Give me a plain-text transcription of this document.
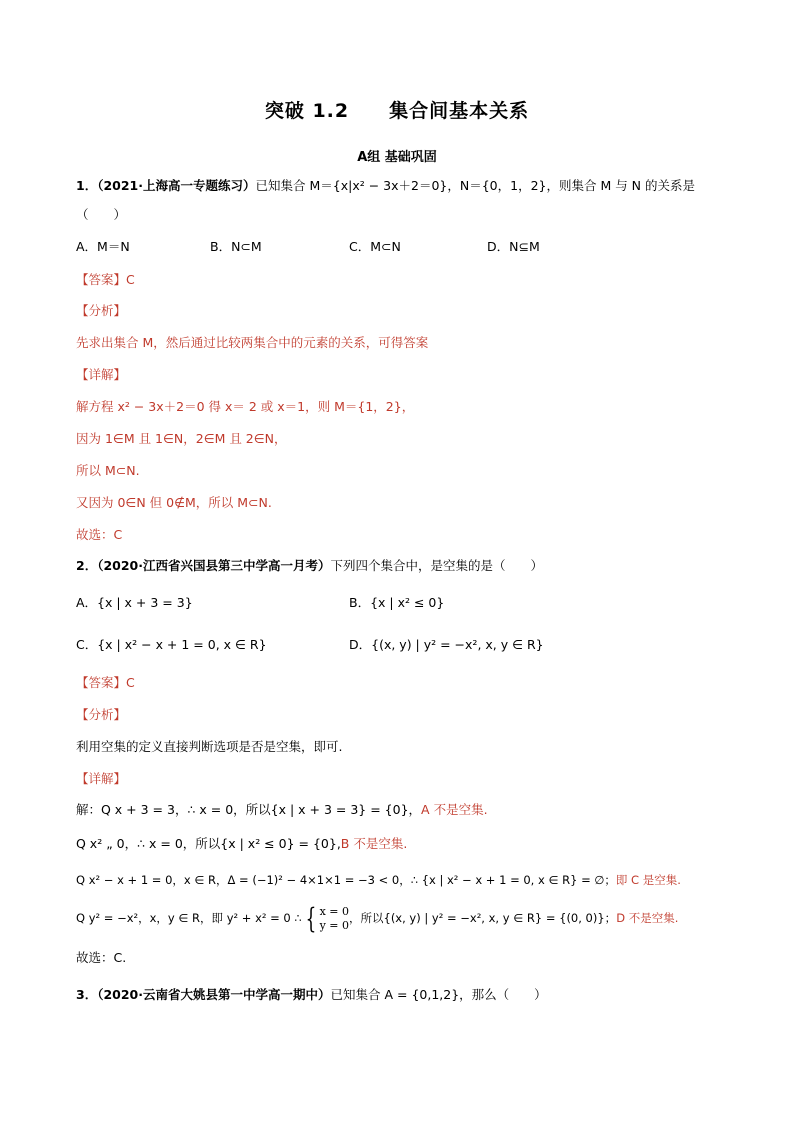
突破 1.2 集合间基本关系
A组 基础巩固
1．（2021·上海高一专题练习）已知集合 M＝{x|x² − 3x＋2＝0}，N＝{0，1，2}，则集合 M 与 N 的关系是
（　　）
A．M＝N	B．N⊂M	C．M⊂N	D．N⊆M
【答案】C
【分析】
先求出集合 M，然后通过比较两集合中的元素的关系，可得答案
【详解】
解方程 x² − 3x＋2＝0 得 x＝ 2 或 x＝1，则 M＝{1，2}，
因为 1∈M 且 1∈N，2∈M 且 2∈N，
所以 M⊂N.
又因为 0∈N 但 0∉M，所以 M⊂N.
故选：C
2．（2020·江西省兴国县第三中学高一月考）下列四个集合中，是空集的是（　　）
A．{x | x + 3 = 3}	B．{x | x² ≤ 0}
C．{x | x² − x + 1 = 0, x ∈ R}	D．{(x, y) | y² = −x², x, y ∈ R}
【答案】C
【分析】
利用空集的定义直接判断选项是否是空集，即可.
【详解】
解：Q x + 3 = 3，∴ x = 0，所以{x | x + 3 = 3} = {0}，A 不是空集.
Q x² „ 0，∴ x = 0，所以{x | x² ≤ 0} = {0},B 不是空集.
Q x² − x + 1 = 0，x ∈ R，Δ = (−1)² − 4×1×1 = −3 < 0，∴ {x | x² − x + 1 = 0, x ∈ R} = ∅；即 C 是空集.
Q y² = −x²，x，y ∈ R，即 y² + x² = 0 ∴ { x = 0
y = 0，所以{(x, y) | y² = −x², x, y ∈ R} = {(0, 0)}；D 不是空集.
故选：C.
3．（2020·云南省大姚县第一中学高一期中）已知集合 A = {0,1,2}，那么（　　）
